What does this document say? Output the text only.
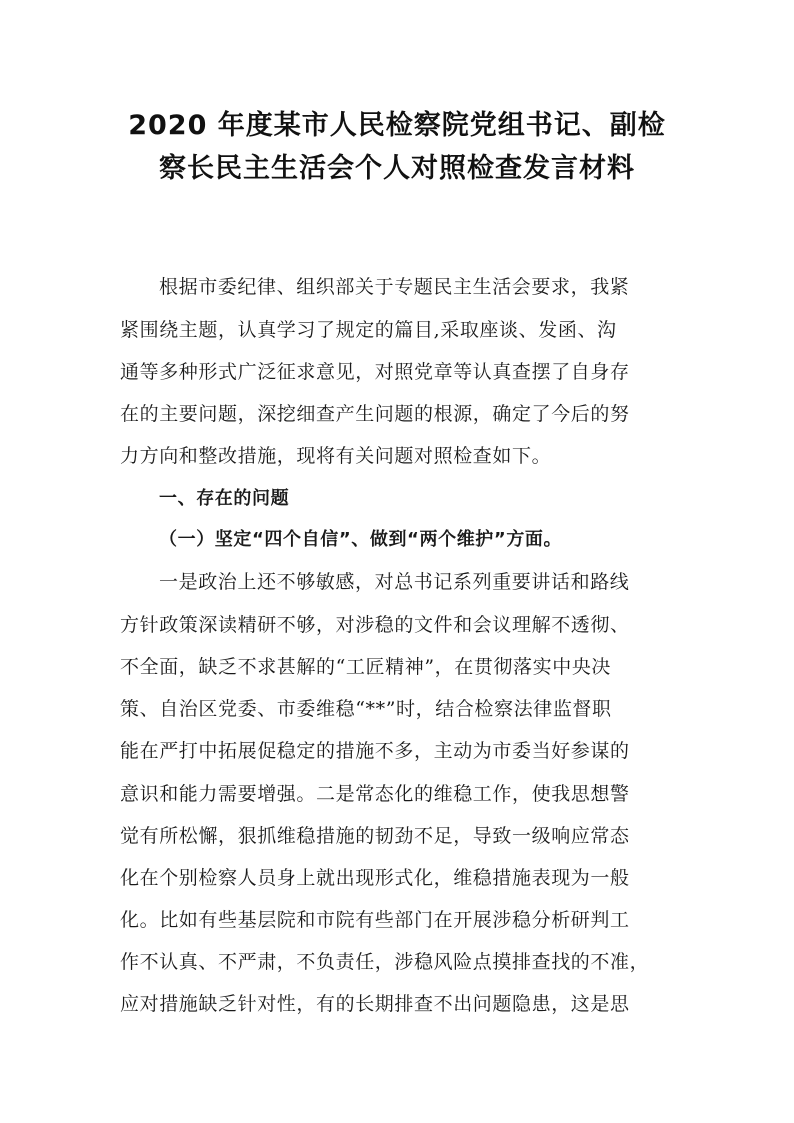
2020 年度某市人民检察院党组书记、副检
察长民主生活会个人对照检查发言材料
根据市委纪律、组织部关于专题民主生活会要求，我紧
紧围绕主题，认真学习了规定的篇目,采取座谈、发函、沟
通等多种形式广泛征求意见，对照党章等认真查摆了自身存
在的主要问题，深挖细查产生问题的根源，确定了今后的努
力方向和整改措施，现将有关问题对照检查如下。
一、存在的问题
（一）坚定“四个自信”、做到“两个维护”方面。
一是政治上还不够敏感，对总书记系列重要讲话和路线
方针政策深读精研不够，对涉稳的文件和会议理解不透彻、
不全面，缺乏不求甚解的“工匠精神”，在贯彻落实中央决
策、自治区党委、市委维稳“**”时，结合检察法律监督职
能在严打中拓展促稳定的措施不多，主动为市委当好参谋的
意识和能力需要增强。二是常态化的维稳工作，使我思想警
觉有所松懈，狠抓维稳措施的韧劲不足，导致一级响应常态
化在个别检察人员身上就出现形式化，维稳措施表现为一般
化。比如有些基层院和市院有些部门在开展涉稳分析研判工
作不认真、不严肃，不负责任，涉稳风险点摸排查找的不准，
应对措施缺乏针对性，有的长期排查不出问题隐患，这是思
